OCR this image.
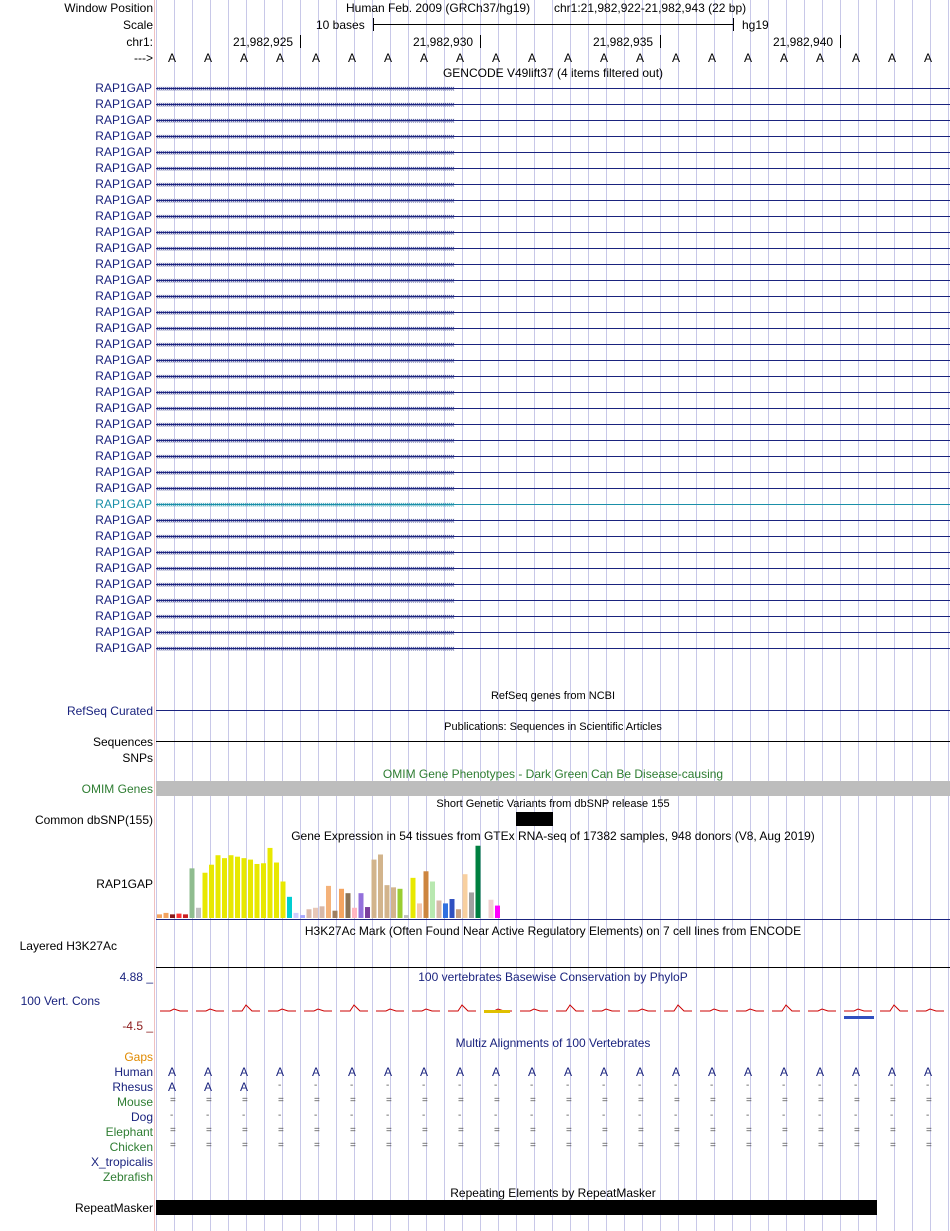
Window Position	Human Feb. 2009 (GRCh37/hg19) chr1:21,982,922-21,982,943 (22 bp)
Scale	10 bases	hg19
chr1:	21,982,925	21,982,930	21,982,935	21,982,940
---> A A A A A A A A A A A A A A A A A A A A A A
GENCODE V49lift37 (4 items filtered out)
RAP1GAP ‹‹‹‹‹‹‹‹‹‹‹‹‹‹‹‹‹‹‹‹‹‹‹‹‹‹‹‹‹‹‹‹‹‹‹‹‹‹‹‹‹‹‹‹‹‹‹‹‹‹‹‹‹‹‹‹‹‹‹‹‹‹‹‹‹‹‹‹‹‹‹‹‹‹‹‹‹‹‹‹‹‹‹‹‹‹‹‹‹‹‹‹‹‹‹‹‹‹‹‹‹‹‹‹‹‹‹‹‹‹‹‹‹‹‹‹‹‹‹‹‹‹‹‹‹‹‹‹‹‹‹‹‹‹‹‹‹‹‹‹‹‹‹‹‹‹‹‹‹
RAP1GAP ‹‹‹‹‹‹‹‹‹‹‹‹‹‹‹‹‹‹‹‹‹‹‹‹‹‹‹‹‹‹‹‹‹‹‹‹‹‹‹‹‹‹‹‹‹‹‹‹‹‹‹‹‹‹‹‹‹‹‹‹‹‹‹‹‹‹‹‹‹‹‹‹‹‹‹‹‹‹‹‹‹‹‹‹‹‹‹‹‹‹‹‹‹‹‹‹‹‹‹‹‹‹‹‹‹‹‹‹‹‹‹‹‹‹‹‹‹‹‹‹‹‹‹‹‹‹‹‹‹‹‹‹‹‹‹‹‹‹‹‹‹‹‹‹‹‹‹‹‹
RAP1GAP ‹‹‹‹‹‹‹‹‹‹‹‹‹‹‹‹‹‹‹‹‹‹‹‹‹‹‹‹‹‹‹‹‹‹‹‹‹‹‹‹‹‹‹‹‹‹‹‹‹‹‹‹‹‹‹‹‹‹‹‹‹‹‹‹‹‹‹‹‹‹‹‹‹‹‹‹‹‹‹‹‹‹‹‹‹‹‹‹‹‹‹‹‹‹‹‹‹‹‹‹‹‹‹‹‹‹‹‹‹‹‹‹‹‹‹‹‹‹‹‹‹‹‹‹‹‹‹‹‹‹‹‹‹‹‹‹‹‹‹‹‹‹‹‹‹‹‹‹‹
RAP1GAP ‹‹‹‹‹‹‹‹‹‹‹‹‹‹‹‹‹‹‹‹‹‹‹‹‹‹‹‹‹‹‹‹‹‹‹‹‹‹‹‹‹‹‹‹‹‹‹‹‹‹‹‹‹‹‹‹‹‹‹‹‹‹‹‹‹‹‹‹‹‹‹‹‹‹‹‹‹‹‹‹‹‹‹‹‹‹‹‹‹‹‹‹‹‹‹‹‹‹‹‹‹‹‹‹‹‹‹‹‹‹‹‹‹‹‹‹‹‹‹‹‹‹‹‹‹‹‹‹‹‹‹‹‹‹‹‹‹‹‹‹‹‹‹‹‹‹‹‹‹
RAP1GAP ‹‹‹‹‹‹‹‹‹‹‹‹‹‹‹‹‹‹‹‹‹‹‹‹‹‹‹‹‹‹‹‹‹‹‹‹‹‹‹‹‹‹‹‹‹‹‹‹‹‹‹‹‹‹‹‹‹‹‹‹‹‹‹‹‹‹‹‹‹‹‹‹‹‹‹‹‹‹‹‹‹‹‹‹‹‹‹‹‹‹‹‹‹‹‹‹‹‹‹‹‹‹‹‹‹‹‹‹‹‹‹‹‹‹‹‹‹‹‹‹‹‹‹‹‹‹‹‹‹‹‹‹‹‹‹‹‹‹‹‹‹‹‹‹‹‹‹‹‹
RAP1GAP ‹‹‹‹‹‹‹‹‹‹‹‹‹‹‹‹‹‹‹‹‹‹‹‹‹‹‹‹‹‹‹‹‹‹‹‹‹‹‹‹‹‹‹‹‹‹‹‹‹‹‹‹‹‹‹‹‹‹‹‹‹‹‹‹‹‹‹‹‹‹‹‹‹‹‹‹‹‹‹‹‹‹‹‹‹‹‹‹‹‹‹‹‹‹‹‹‹‹‹‹‹‹‹‹‹‹‹‹‹‹‹‹‹‹‹‹‹‹‹‹‹‹‹‹‹‹‹‹‹‹‹‹‹‹‹‹‹‹‹‹‹‹‹‹‹‹‹‹‹
RAP1GAP ‹‹‹‹‹‹‹‹‹‹‹‹‹‹‹‹‹‹‹‹‹‹‹‹‹‹‹‹‹‹‹‹‹‹‹‹‹‹‹‹‹‹‹‹‹‹‹‹‹‹‹‹‹‹‹‹‹‹‹‹‹‹‹‹‹‹‹‹‹‹‹‹‹‹‹‹‹‹‹‹‹‹‹‹‹‹‹‹‹‹‹‹‹‹‹‹‹‹‹‹‹‹‹‹‹‹‹‹‹‹‹‹‹‹‹‹‹‹‹‹‹‹‹‹‹‹‹‹‹‹‹‹‹‹‹‹‹‹‹‹‹‹‹‹‹‹‹‹‹
RAP1GAP ‹‹‹‹‹‹‹‹‹‹‹‹‹‹‹‹‹‹‹‹‹‹‹‹‹‹‹‹‹‹‹‹‹‹‹‹‹‹‹‹‹‹‹‹‹‹‹‹‹‹‹‹‹‹‹‹‹‹‹‹‹‹‹‹‹‹‹‹‹‹‹‹‹‹‹‹‹‹‹‹‹‹‹‹‹‹‹‹‹‹‹‹‹‹‹‹‹‹‹‹‹‹‹‹‹‹‹‹‹‹‹‹‹‹‹‹‹‹‹‹‹‹‹‹‹‹‹‹‹‹‹‹‹‹‹‹‹‹‹‹‹‹‹‹‹‹‹‹‹
RAP1GAP ‹‹‹‹‹‹‹‹‹‹‹‹‹‹‹‹‹‹‹‹‹‹‹‹‹‹‹‹‹‹‹‹‹‹‹‹‹‹‹‹‹‹‹‹‹‹‹‹‹‹‹‹‹‹‹‹‹‹‹‹‹‹‹‹‹‹‹‹‹‹‹‹‹‹‹‹‹‹‹‹‹‹‹‹‹‹‹‹‹‹‹‹‹‹‹‹‹‹‹‹‹‹‹‹‹‹‹‹‹‹‹‹‹‹‹‹‹‹‹‹‹‹‹‹‹‹‹‹‹‹‹‹‹‹‹‹‹‹‹‹‹‹‹‹‹‹‹‹‹
RAP1GAP ‹‹‹‹‹‹‹‹‹‹‹‹‹‹‹‹‹‹‹‹‹‹‹‹‹‹‹‹‹‹‹‹‹‹‹‹‹‹‹‹‹‹‹‹‹‹‹‹‹‹‹‹‹‹‹‹‹‹‹‹‹‹‹‹‹‹‹‹‹‹‹‹‹‹‹‹‹‹‹‹‹‹‹‹‹‹‹‹‹‹‹‹‹‹‹‹‹‹‹‹‹‹‹‹‹‹‹‹‹‹‹‹‹‹‹‹‹‹‹‹‹‹‹‹‹‹‹‹‹‹‹‹‹‹‹‹‹‹‹‹‹‹‹‹‹‹‹‹‹
RAP1GAP ‹‹‹‹‹‹‹‹‹‹‹‹‹‹‹‹‹‹‹‹‹‹‹‹‹‹‹‹‹‹‹‹‹‹‹‹‹‹‹‹‹‹‹‹‹‹‹‹‹‹‹‹‹‹‹‹‹‹‹‹‹‹‹‹‹‹‹‹‹‹‹‹‹‹‹‹‹‹‹‹‹‹‹‹‹‹‹‹‹‹‹‹‹‹‹‹‹‹‹‹‹‹‹‹‹‹‹‹‹‹‹‹‹‹‹‹‹‹‹‹‹‹‹‹‹‹‹‹‹‹‹‹‹‹‹‹‹‹‹‹‹‹‹‹‹‹‹‹‹
RAP1GAP ‹‹‹‹‹‹‹‹‹‹‹‹‹‹‹‹‹‹‹‹‹‹‹‹‹‹‹‹‹‹‹‹‹‹‹‹‹‹‹‹‹‹‹‹‹‹‹‹‹‹‹‹‹‹‹‹‹‹‹‹‹‹‹‹‹‹‹‹‹‹‹‹‹‹‹‹‹‹‹‹‹‹‹‹‹‹‹‹‹‹‹‹‹‹‹‹‹‹‹‹‹‹‹‹‹‹‹‹‹‹‹‹‹‹‹‹‹‹‹‹‹‹‹‹‹‹‹‹‹‹‹‹‹‹‹‹‹‹‹‹‹‹‹‹‹‹‹‹‹
RAP1GAP ‹‹‹‹‹‹‹‹‹‹‹‹‹‹‹‹‹‹‹‹‹‹‹‹‹‹‹‹‹‹‹‹‹‹‹‹‹‹‹‹‹‹‹‹‹‹‹‹‹‹‹‹‹‹‹‹‹‹‹‹‹‹‹‹‹‹‹‹‹‹‹‹‹‹‹‹‹‹‹‹‹‹‹‹‹‹‹‹‹‹‹‹‹‹‹‹‹‹‹‹‹‹‹‹‹‹‹‹‹‹‹‹‹‹‹‹‹‹‹‹‹‹‹‹‹‹‹‹‹‹‹‹‹‹‹‹‹‹‹‹‹‹‹‹‹‹‹‹‹
RAP1GAP ‹‹‹‹‹‹‹‹‹‹‹‹‹‹‹‹‹‹‹‹‹‹‹‹‹‹‹‹‹‹‹‹‹‹‹‹‹‹‹‹‹‹‹‹‹‹‹‹‹‹‹‹‹‹‹‹‹‹‹‹‹‹‹‹‹‹‹‹‹‹‹‹‹‹‹‹‹‹‹‹‹‹‹‹‹‹‹‹‹‹‹‹‹‹‹‹‹‹‹‹‹‹‹‹‹‹‹‹‹‹‹‹‹‹‹‹‹‹‹‹‹‹‹‹‹‹‹‹‹‹‹‹‹‹‹‹‹‹‹‹‹‹‹‹‹‹‹‹‹
RAP1GAP ‹‹‹‹‹‹‹‹‹‹‹‹‹‹‹‹‹‹‹‹‹‹‹‹‹‹‹‹‹‹‹‹‹‹‹‹‹‹‹‹‹‹‹‹‹‹‹‹‹‹‹‹‹‹‹‹‹‹‹‹‹‹‹‹‹‹‹‹‹‹‹‹‹‹‹‹‹‹‹‹‹‹‹‹‹‹‹‹‹‹‹‹‹‹‹‹‹‹‹‹‹‹‹‹‹‹‹‹‹‹‹‹‹‹‹‹‹‹‹‹‹‹‹‹‹‹‹‹‹‹‹‹‹‹‹‹‹‹‹‹‹‹‹‹‹‹‹‹‹
RAP1GAP ‹‹‹‹‹‹‹‹‹‹‹‹‹‹‹‹‹‹‹‹‹‹‹‹‹‹‹‹‹‹‹‹‹‹‹‹‹‹‹‹‹‹‹‹‹‹‹‹‹‹‹‹‹‹‹‹‹‹‹‹‹‹‹‹‹‹‹‹‹‹‹‹‹‹‹‹‹‹‹‹‹‹‹‹‹‹‹‹‹‹‹‹‹‹‹‹‹‹‹‹‹‹‹‹‹‹‹‹‹‹‹‹‹‹‹‹‹‹‹‹‹‹‹‹‹‹‹‹‹‹‹‹‹‹‹‹‹‹‹‹‹‹‹‹‹‹‹‹‹
RAP1GAP ‹‹‹‹‹‹‹‹‹‹‹‹‹‹‹‹‹‹‹‹‹‹‹‹‹‹‹‹‹‹‹‹‹‹‹‹‹‹‹‹‹‹‹‹‹‹‹‹‹‹‹‹‹‹‹‹‹‹‹‹‹‹‹‹‹‹‹‹‹‹‹‹‹‹‹‹‹‹‹‹‹‹‹‹‹‹‹‹‹‹‹‹‹‹‹‹‹‹‹‹‹‹‹‹‹‹‹‹‹‹‹‹‹‹‹‹‹‹‹‹‹‹‹‹‹‹‹‹‹‹‹‹‹‹‹‹‹‹‹‹‹‹‹‹‹‹‹‹‹
RAP1GAP ‹‹‹‹‹‹‹‹‹‹‹‹‹‹‹‹‹‹‹‹‹‹‹‹‹‹‹‹‹‹‹‹‹‹‹‹‹‹‹‹‹‹‹‹‹‹‹‹‹‹‹‹‹‹‹‹‹‹‹‹‹‹‹‹‹‹‹‹‹‹‹‹‹‹‹‹‹‹‹‹‹‹‹‹‹‹‹‹‹‹‹‹‹‹‹‹‹‹‹‹‹‹‹‹‹‹‹‹‹‹‹‹‹‹‹‹‹‹‹‹‹‹‹‹‹‹‹‹‹‹‹‹‹‹‹‹‹‹‹‹‹‹‹‹‹‹‹‹‹
RAP1GAP ‹‹‹‹‹‹‹‹‹‹‹‹‹‹‹‹‹‹‹‹‹‹‹‹‹‹‹‹‹‹‹‹‹‹‹‹‹‹‹‹‹‹‹‹‹‹‹‹‹‹‹‹‹‹‹‹‹‹‹‹‹‹‹‹‹‹‹‹‹‹‹‹‹‹‹‹‹‹‹‹‹‹‹‹‹‹‹‹‹‹‹‹‹‹‹‹‹‹‹‹‹‹‹‹‹‹‹‹‹‹‹‹‹‹‹‹‹‹‹‹‹‹‹‹‹‹‹‹‹‹‹‹‹‹‹‹‹‹‹‹‹‹‹‹‹‹‹‹‹
RAP1GAP ‹‹‹‹‹‹‹‹‹‹‹‹‹‹‹‹‹‹‹‹‹‹‹‹‹‹‹‹‹‹‹‹‹‹‹‹‹‹‹‹‹‹‹‹‹‹‹‹‹‹‹‹‹‹‹‹‹‹‹‹‹‹‹‹‹‹‹‹‹‹‹‹‹‹‹‹‹‹‹‹‹‹‹‹‹‹‹‹‹‹‹‹‹‹‹‹‹‹‹‹‹‹‹‹‹‹‹‹‹‹‹‹‹‹‹‹‹‹‹‹‹‹‹‹‹‹‹‹‹‹‹‹‹‹‹‹‹‹‹‹‹‹‹‹‹‹‹‹‹
RAP1GAP ‹‹‹‹‹‹‹‹‹‹‹‹‹‹‹‹‹‹‹‹‹‹‹‹‹‹‹‹‹‹‹‹‹‹‹‹‹‹‹‹‹‹‹‹‹‹‹‹‹‹‹‹‹‹‹‹‹‹‹‹‹‹‹‹‹‹‹‹‹‹‹‹‹‹‹‹‹‹‹‹‹‹‹‹‹‹‹‹‹‹‹‹‹‹‹‹‹‹‹‹‹‹‹‹‹‹‹‹‹‹‹‹‹‹‹‹‹‹‹‹‹‹‹‹‹‹‹‹‹‹‹‹‹‹‹‹‹‹‹‹‹‹‹‹‹‹‹‹‹
RAP1GAP ‹‹‹‹‹‹‹‹‹‹‹‹‹‹‹‹‹‹‹‹‹‹‹‹‹‹‹‹‹‹‹‹‹‹‹‹‹‹‹‹‹‹‹‹‹‹‹‹‹‹‹‹‹‹‹‹‹‹‹‹‹‹‹‹‹‹‹‹‹‹‹‹‹‹‹‹‹‹‹‹‹‹‹‹‹‹‹‹‹‹‹‹‹‹‹‹‹‹‹‹‹‹‹‹‹‹‹‹‹‹‹‹‹‹‹‹‹‹‹‹‹‹‹‹‹‹‹‹‹‹‹‹‹‹‹‹‹‹‹‹‹‹‹‹‹‹‹‹‹
RAP1GAP ‹‹‹‹‹‹‹‹‹‹‹‹‹‹‹‹‹‹‹‹‹‹‹‹‹‹‹‹‹‹‹‹‹‹‹‹‹‹‹‹‹‹‹‹‹‹‹‹‹‹‹‹‹‹‹‹‹‹‹‹‹‹‹‹‹‹‹‹‹‹‹‹‹‹‹‹‹‹‹‹‹‹‹‹‹‹‹‹‹‹‹‹‹‹‹‹‹‹‹‹‹‹‹‹‹‹‹‹‹‹‹‹‹‹‹‹‹‹‹‹‹‹‹‹‹‹‹‹‹‹‹‹‹‹‹‹‹‹‹‹‹‹‹‹‹‹‹‹‹
RAP1GAP ‹‹‹‹‹‹‹‹‹‹‹‹‹‹‹‹‹‹‹‹‹‹‹‹‹‹‹‹‹‹‹‹‹‹‹‹‹‹‹‹‹‹‹‹‹‹‹‹‹‹‹‹‹‹‹‹‹‹‹‹‹‹‹‹‹‹‹‹‹‹‹‹‹‹‹‹‹‹‹‹‹‹‹‹‹‹‹‹‹‹‹‹‹‹‹‹‹‹‹‹‹‹‹‹‹‹‹‹‹‹‹‹‹‹‹‹‹‹‹‹‹‹‹‹‹‹‹‹‹‹‹‹‹‹‹‹‹‹‹‹‹‹‹‹‹‹‹‹‹
RAP1GAP ‹‹‹‹‹‹‹‹‹‹‹‹‹‹‹‹‹‹‹‹‹‹‹‹‹‹‹‹‹‹‹‹‹‹‹‹‹‹‹‹‹‹‹‹‹‹‹‹‹‹‹‹‹‹‹‹‹‹‹‹‹‹‹‹‹‹‹‹‹‹‹‹‹‹‹‹‹‹‹‹‹‹‹‹‹‹‹‹‹‹‹‹‹‹‹‹‹‹‹‹‹‹‹‹‹‹‹‹‹‹‹‹‹‹‹‹‹‹‹‹‹‹‹‹‹‹‹‹‹‹‹‹‹‹‹‹‹‹‹‹‹‹‹‹‹‹‹‹‹
RAP1GAP ‹‹‹‹‹‹‹‹‹‹‹‹‹‹‹‹‹‹‹‹‹‹‹‹‹‹‹‹‹‹‹‹‹‹‹‹‹‹‹‹‹‹‹‹‹‹‹‹‹‹‹‹‹‹‹‹‹‹‹‹‹‹‹‹‹‹‹‹‹‹‹‹‹‹‹‹‹‹‹‹‹‹‹‹‹‹‹‹‹‹‹‹‹‹‹‹‹‹‹‹‹‹‹‹‹‹‹‹‹‹‹‹‹‹‹‹‹‹‹‹‹‹‹‹‹‹‹‹‹‹‹‹‹‹‹‹‹‹‹‹‹‹‹‹‹‹‹‹‹
RAP1GAP ‹‹‹‹‹‹‹‹‹‹‹‹‹‹‹‹‹‹‹‹‹‹‹‹‹‹‹‹‹‹‹‹‹‹‹‹‹‹‹‹‹‹‹‹‹‹‹‹‹‹‹‹‹‹‹‹‹‹‹‹‹‹‹‹‹‹‹‹‹‹‹‹‹‹‹‹‹‹‹‹‹‹‹‹‹‹‹‹‹‹‹‹‹‹‹‹‹‹‹‹‹‹‹‹‹‹‹‹‹‹‹‹‹‹‹‹‹‹‹‹‹‹‹‹‹‹‹‹‹‹‹‹‹‹‹‹‹‹‹‹‹‹‹‹‹‹‹‹‹
RAP1GAP ‹‹‹‹‹‹‹‹‹‹‹‹‹‹‹‹‹‹‹‹‹‹‹‹‹‹‹‹‹‹‹‹‹‹‹‹‹‹‹‹‹‹‹‹‹‹‹‹‹‹‹‹‹‹‹‹‹‹‹‹‹‹‹‹‹‹‹‹‹‹‹‹‹‹‹‹‹‹‹‹‹‹‹‹‹‹‹‹‹‹‹‹‹‹‹‹‹‹‹‹‹‹‹‹‹‹‹‹‹‹‹‹‹‹‹‹‹‹‹‹‹‹‹‹‹‹‹‹‹‹‹‹‹‹‹‹‹‹‹‹‹‹‹‹‹‹‹‹‹
RAP1GAP ‹‹‹‹‹‹‹‹‹‹‹‹‹‹‹‹‹‹‹‹‹‹‹‹‹‹‹‹‹‹‹‹‹‹‹‹‹‹‹‹‹‹‹‹‹‹‹‹‹‹‹‹‹‹‹‹‹‹‹‹‹‹‹‹‹‹‹‹‹‹‹‹‹‹‹‹‹‹‹‹‹‹‹‹‹‹‹‹‹‹‹‹‹‹‹‹‹‹‹‹‹‹‹‹‹‹‹‹‹‹‹‹‹‹‹‹‹‹‹‹‹‹‹‹‹‹‹‹‹‹‹‹‹‹‹‹‹‹‹‹‹‹‹‹‹‹‹‹‹
RAP1GAP ‹‹‹‹‹‹‹‹‹‹‹‹‹‹‹‹‹‹‹‹‹‹‹‹‹‹‹‹‹‹‹‹‹‹‹‹‹‹‹‹‹‹‹‹‹‹‹‹‹‹‹‹‹‹‹‹‹‹‹‹‹‹‹‹‹‹‹‹‹‹‹‹‹‹‹‹‹‹‹‹‹‹‹‹‹‹‹‹‹‹‹‹‹‹‹‹‹‹‹‹‹‹‹‹‹‹‹‹‹‹‹‹‹‹‹‹‹‹‹‹‹‹‹‹‹‹‹‹‹‹‹‹‹‹‹‹‹‹‹‹‹‹‹‹‹‹‹‹‹
RAP1GAP ‹‹‹‹‹‹‹‹‹‹‹‹‹‹‹‹‹‹‹‹‹‹‹‹‹‹‹‹‹‹‹‹‹‹‹‹‹‹‹‹‹‹‹‹‹‹‹‹‹‹‹‹‹‹‹‹‹‹‹‹‹‹‹‹‹‹‹‹‹‹‹‹‹‹‹‹‹‹‹‹‹‹‹‹‹‹‹‹‹‹‹‹‹‹‹‹‹‹‹‹‹‹‹‹‹‹‹‹‹‹‹‹‹‹‹‹‹‹‹‹‹‹‹‹‹‹‹‹‹‹‹‹‹‹‹‹‹‹‹‹‹‹‹‹‹‹‹‹‹
RAP1GAP ‹‹‹‹‹‹‹‹‹‹‹‹‹‹‹‹‹‹‹‹‹‹‹‹‹‹‹‹‹‹‹‹‹‹‹‹‹‹‹‹‹‹‹‹‹‹‹‹‹‹‹‹‹‹‹‹‹‹‹‹‹‹‹‹‹‹‹‹‹‹‹‹‹‹‹‹‹‹‹‹‹‹‹‹‹‹‹‹‹‹‹‹‹‹‹‹‹‹‹‹‹‹‹‹‹‹‹‹‹‹‹‹‹‹‹‹‹‹‹‹‹‹‹‹‹‹‹‹‹‹‹‹‹‹‹‹‹‹‹‹‹‹‹‹‹‹‹‹‹
RAP1GAP ‹‹‹‹‹‹‹‹‹‹‹‹‹‹‹‹‹‹‹‹‹‹‹‹‹‹‹‹‹‹‹‹‹‹‹‹‹‹‹‹‹‹‹‹‹‹‹‹‹‹‹‹‹‹‹‹‹‹‹‹‹‹‹‹‹‹‹‹‹‹‹‹‹‹‹‹‹‹‹‹‹‹‹‹‹‹‹‹‹‹‹‹‹‹‹‹‹‹‹‹‹‹‹‹‹‹‹‹‹‹‹‹‹‹‹‹‹‹‹‹‹‹‹‹‹‹‹‹‹‹‹‹‹‹‹‹‹‹‹‹‹‹‹‹‹‹‹‹‹
RAP1GAP ‹‹‹‹‹‹‹‹‹‹‹‹‹‹‹‹‹‹‹‹‹‹‹‹‹‹‹‹‹‹‹‹‹‹‹‹‹‹‹‹‹‹‹‹‹‹‹‹‹‹‹‹‹‹‹‹‹‹‹‹‹‹‹‹‹‹‹‹‹‹‹‹‹‹‹‹‹‹‹‹‹‹‹‹‹‹‹‹‹‹‹‹‹‹‹‹‹‹‹‹‹‹‹‹‹‹‹‹‹‹‹‹‹‹‹‹‹‹‹‹‹‹‹‹‹‹‹‹‹‹‹‹‹‹‹‹‹‹‹‹‹‹‹‹‹‹‹‹‹
RAP1GAP ‹‹‹‹‹‹‹‹‹‹‹‹‹‹‹‹‹‹‹‹‹‹‹‹‹‹‹‹‹‹‹‹‹‹‹‹‹‹‹‹‹‹‹‹‹‹‹‹‹‹‹‹‹‹‹‹‹‹‹‹‹‹‹‹‹‹‹‹‹‹‹‹‹‹‹‹‹‹‹‹‹‹‹‹‹‹‹‹‹‹‹‹‹‹‹‹‹‹‹‹‹‹‹‹‹‹‹‹‹‹‹‹‹‹‹‹‹‹‹‹‹‹‹‹‹‹‹‹‹‹‹‹‹‹‹‹‹‹‹‹‹‹‹‹‹‹‹‹‹
RAP1GAP ‹‹‹‹‹‹‹‹‹‹‹‹‹‹‹‹‹‹‹‹‹‹‹‹‹‹‹‹‹‹‹‹‹‹‹‹‹‹‹‹‹‹‹‹‹‹‹‹‹‹‹‹‹‹‹‹‹‹‹‹‹‹‹‹‹‹‹‹‹‹‹‹‹‹‹‹‹‹‹‹‹‹‹‹‹‹‹‹‹‹‹‹‹‹‹‹‹‹‹‹‹‹‹‹‹‹‹‹‹‹‹‹‹‹‹‹‹‹‹‹‹‹‹‹‹‹‹‹‹‹‹‹‹‹‹‹‹‹‹‹‹‹‹‹‹‹‹‹‹
RefSeq genes from NCBI
RefSeq Curated
Publications: Sequences in Scientific Articles
Sequences
SNPs
OMIM Gene Phenotypes - Dark Green Can Be Disease-causing
OMIM Genes
Short Genetic Variants from dbSNP release 155
Common dbSNP(155)
Gene Expression in 54 tissues from GTEx RNA-seq of 17382 samples, 948 donors (V8, Aug 2019)
RAP1GAP
H3K27Ac Mark (Often Found Near Active Regulatory Elements) on 7 cell lines from ENCODE
Layered H3K27Ac
100 vertebrates Basewise Conservation by PhyloP
4.88 _
100 Vert. Cons
-4.5 _
Multiz Alignments of 100 Vertebrates
Gaps
Human A A A A A A A A A A A A A A A A A A A A A A
Rhesus A A A	-	-	-	-	-	-	-	-	-	-	-	-	-	-	-	-	-	-	-
Mouse =	=	=	=	=	=	=	=	=	=	=	=	=	=	=	=	=	=	=	=	=	=
Dog -	-	-	-	-	-	-	-	-	-	-	-	-	-	-	-	-	-	-	-	-	-
Elephant =	=	=	=	=	=	=	=	=	=	=	=	=	=	=	=	=	=	=	=	=	=
Chicken =	=	=	=	=	=	=	=	=	=	=	=	=	=	=	=	=	=	=	=	=	=
X_tropicalis
Zebrafish
Repeating Elements by RepeatMasker
RepeatMasker
